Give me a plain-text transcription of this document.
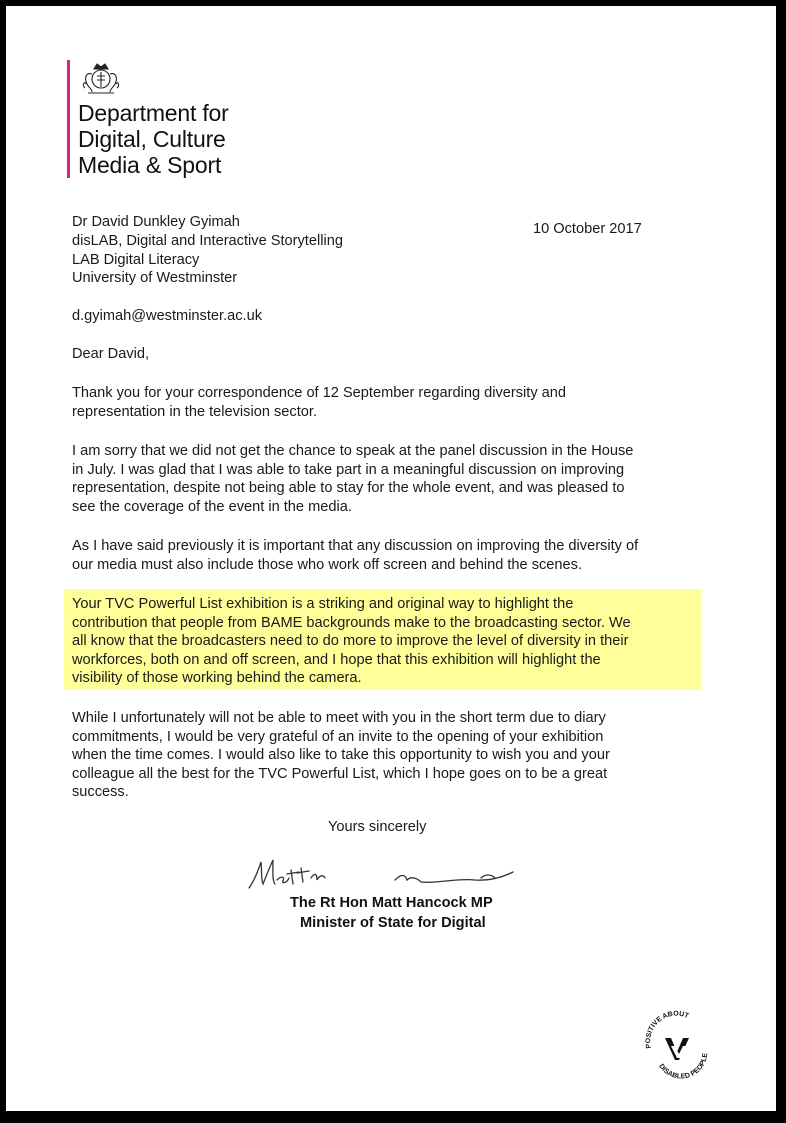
Department for
Digital, Culture
Media & Sport
Dr David Dunkley Gyimah
disLAB, Digital and Interactive Storytelling
LAB Digital Literacy
University of Westminster
10 October 2017
d.gyimah@westminster.ac.uk
Dear David,
Thank you for your correspondence of 12 September regarding diversity and
representation in the television sector.
I am sorry that we did not get the chance to speak at the panel discussion in the House
in July. I was glad that I was able to take part in a meaningful discussion on improving
representation, despite not being able to stay for the whole event, and was pleased to
see the coverage of the event in the media.
As I have said previously it is important that any discussion on improving the diversity of
our media must also include those who work off screen and behind the scenes.
Your TVC Powerful List exhibition is a striking and original way to highlight the
contribution that people from BAME backgrounds make to the broadcasting sector. We
all know that the broadcasters need to do more to improve the level of diversity in their
workforces, both on and off screen, and I hope that this exhibition will highlight the
visibility of those working behind the camera.
While I unfortunately will not be able to meet with you in the short term due to diary
commitments, I would be very grateful of an invite to the opening of your exhibition
when the time comes. I would also like to take this opportunity to wish you and your
colleague all the best for the TVC Powerful List, which I hope goes on to be a great
success.
Yours sincerely
The Rt Hon Matt Hancock MP
Minister of State for Digital
POSITIVE ABOUT
DISABLED PEOPLE
